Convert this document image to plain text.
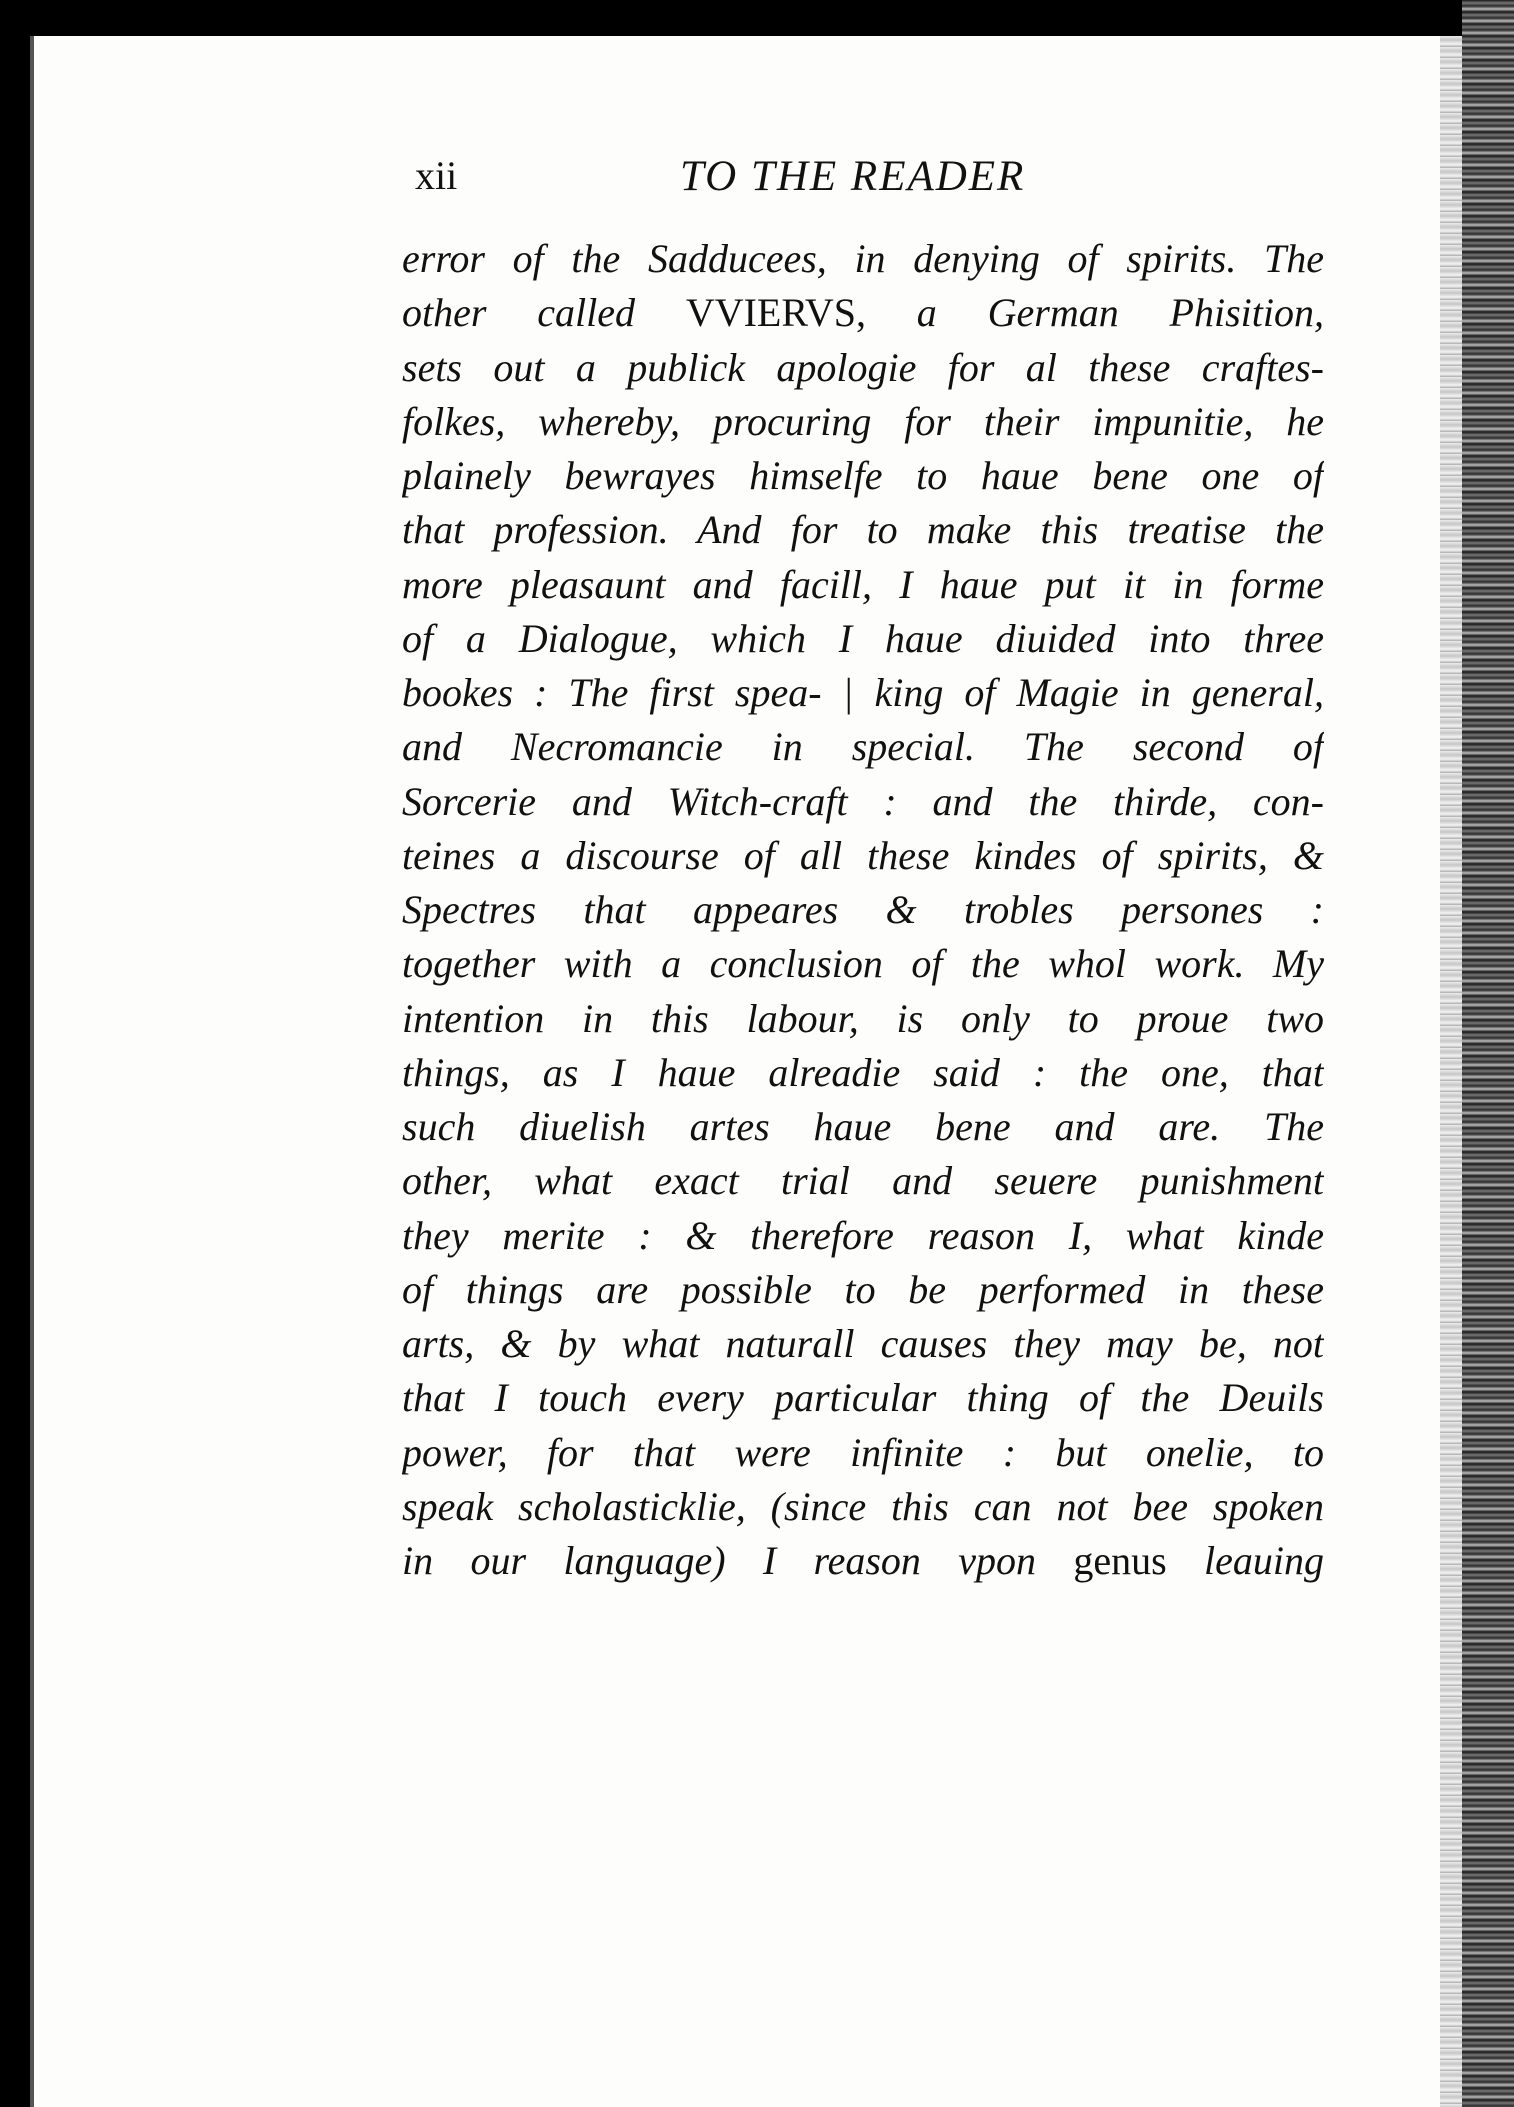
xii	TO THE READER
error of the Sadducees, in denying of spirits. The
other called VVIERVS, a German Phisition,
sets out a publick apologie for al these craftes-
folkes, whereby, procuring for their impunitie, he
plainely bewrayes himselfe to haue bene one of
that profession. And for to make this treatise the
more pleasaunt and facill, I haue put it in forme
of a Dialogue, which I haue diuided into three
bookes : The first spea- | king of Magie in general,
and Necromancie in special. The second of
Sorcerie and Witch-craft : and the thirde, con-
teines a discourse of all these kindes of spirits, &
Spectres that appeares & trobles persones :
together with a conclusion of the whol work. My
intention in this labour, is only to proue two
things, as I haue alreadie said : the one, that
such diuelish artes haue bene and are. The
other, what exact trial and seuere punishment
they merite : & therefore reason I, what kinde
of things are possible to be performed in these
arts, & by what naturall causes they may be, not
that I touch every particular thing of the Deuils
power, for that were infinite : but onelie, to
speak scholasticklie, (since this can not bee spoken
in our language) I reason vpon genus leauing
